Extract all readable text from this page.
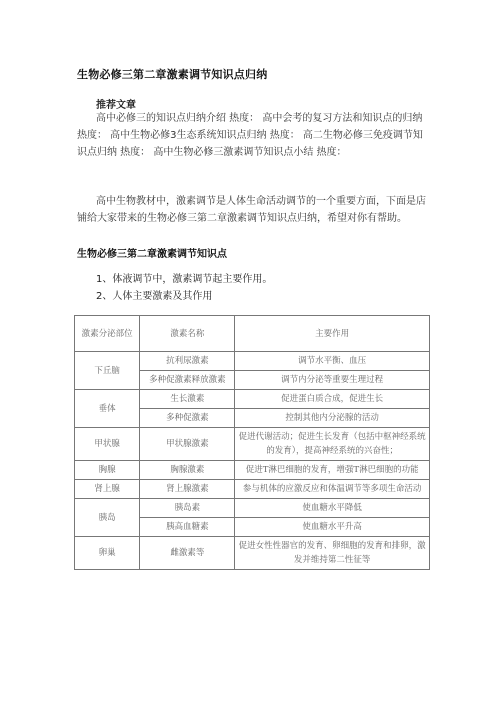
生物必修三第二章激素调节知识点归纳
推荐文章
高中必修三的知识点归纳介绍 热度： 高中会考的复习方法和知识点的归纳 热度： 高中生物必修3生态系统知识点归纳 热度： 高二生物必修三免疫调节知识点归纳 热度： 高中生物必修三激素调节知识点小结 热度：
高中生物教材中，激素调节是人体生命活动调节的一个重要方面，下面是店铺给大家带来的生物必修三第二章激素调节知识点归纳，希望对你有帮助。
生物必修三第二章激素调节知识点
1、体液调节中，激素调节起主要作用。
2、人体主要激素及其作用
激素分泌部位	激素名称	主要作用
下丘脑	抗利尿激素	调节水平衡、血压
	多种促激素释放激素	调节内分泌等重要生理过程
垂体	生长激素	促进蛋白质合成，促进生长
	多种促激素	控制其他内分泌腺的活动
甲状腺	甲状腺激素	促进代谢活动；促进生长发育（包括中枢神经系统的发育），提高神经系统的兴奋性；
胸腺	胸腺激素	促进T淋巴细胞的发育，增强T淋巴细胞的功能
肾上腺	肾上腺激素	参与机体的应激反应和体温调节等多项生命活动
胰岛	胰岛素	使血糖水平降低
	胰高血糖素	使血糖水平升高
卵巢	雌激素等	促进女性性器官的发育、卵细胞的发育和排卵，激发并维持第二性征等
